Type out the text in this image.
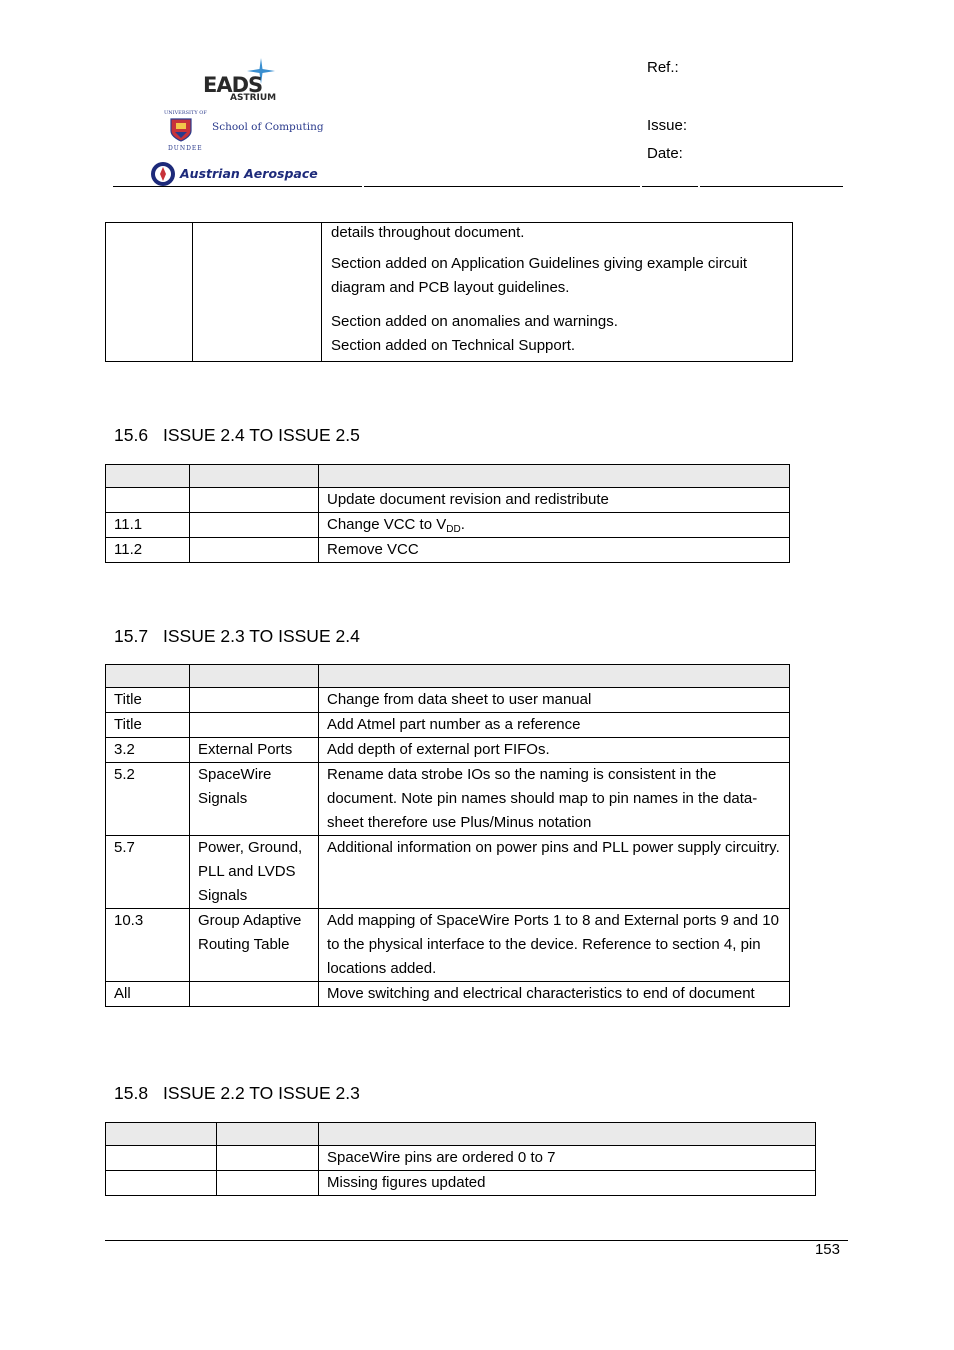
EADS
ASTRIUM
UNIVERSITY OF
School of Computing
DUNDEE
Austrian Aerospace
Ref.:
Issue:
Date:

details throughout document.
Section added on Application Guidelines giving example circuit diagram and PCB layout guidelines.
Section added on anomalies and warnings.
Section added on Technical Support.
15.6 ISSUE 2.4 TO ISSUE 2.5

		Update document revision and redistribute
11.1		Change VCC to $V_{DD}$.
11.2		Remove VCC
15.7 ISSUE 2.3 TO ISSUE 2.4

Title		Change from data sheet to user manual
Title		Add Atmel part number as a reference
3.2	External Ports	Add depth of external port FIFOs.
5.2	SpaceWire Signals	Rename data strobe IOs so the naming is consistent in the document. Note pin names should map to pin names in the data-sheet therefore use Plus/Minus notation
5.7	Power, Ground, PLL and LVDS Signals	Additional information on power pins and PLL power supply circuitry.
10.3	Group Adaptive Routing Table	Add mapping of SpaceWire Ports 1 to 8 and External ports 9 and 10 to the physical interface to the device. Reference to section 4, pin locations added.
All		Move switching and electrical characteristics to end of document
15.8 ISSUE 2.2 TO ISSUE 2.3

		SpaceWire pins are ordered 0 to 7
		Missing figures updated
153
